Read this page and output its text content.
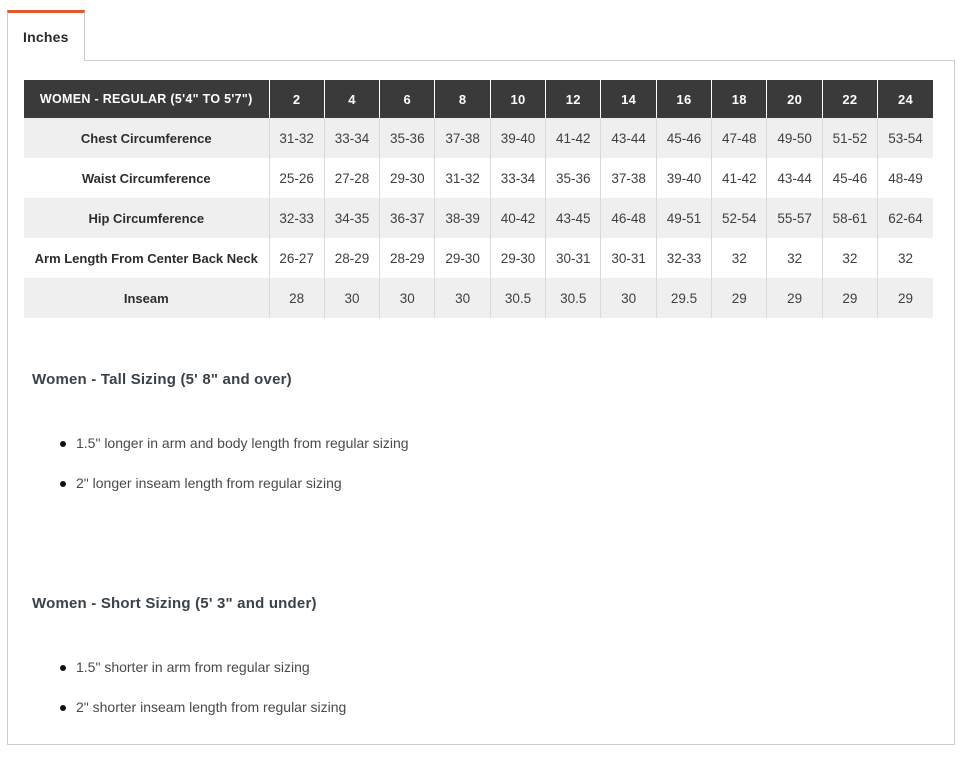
Inches
WOMEN - REGULAR (5'4" TO 5'7")	2	4	6	8	10	12	14	16	18	20	22	24
Chest Circumference	31-32	33-34	35-36	37-38	39-40	41-42	43-44	45-46	47-48	49-50	51-52	53-54
Waist Circumference	25-26	27-28	29-30	31-32	33-34	35-36	37-38	39-40	41-42	43-44	45-46	48-49
Hip Circumference	32-33	34-35	36-37	38-39	40-42	43-45	46-48	49-51	52-54	55-57	58-61	62-64
Arm Length From Center Back Neck	26-27	28-29	28-29	29-30	29-30	30-31	30-31	32-33	32	32	32	32
Inseam	28	30	30	30	30.5	30.5	30	29.5	29	29	29	29
Women - Tall Sizing (5' 8" and over)
1.5" longer in arm and body length from regular sizing
2" longer inseam length from regular sizing
Women - Short Sizing (5' 3" and under)
1.5" shorter in arm from regular sizing
2" shorter inseam length from regular sizing
